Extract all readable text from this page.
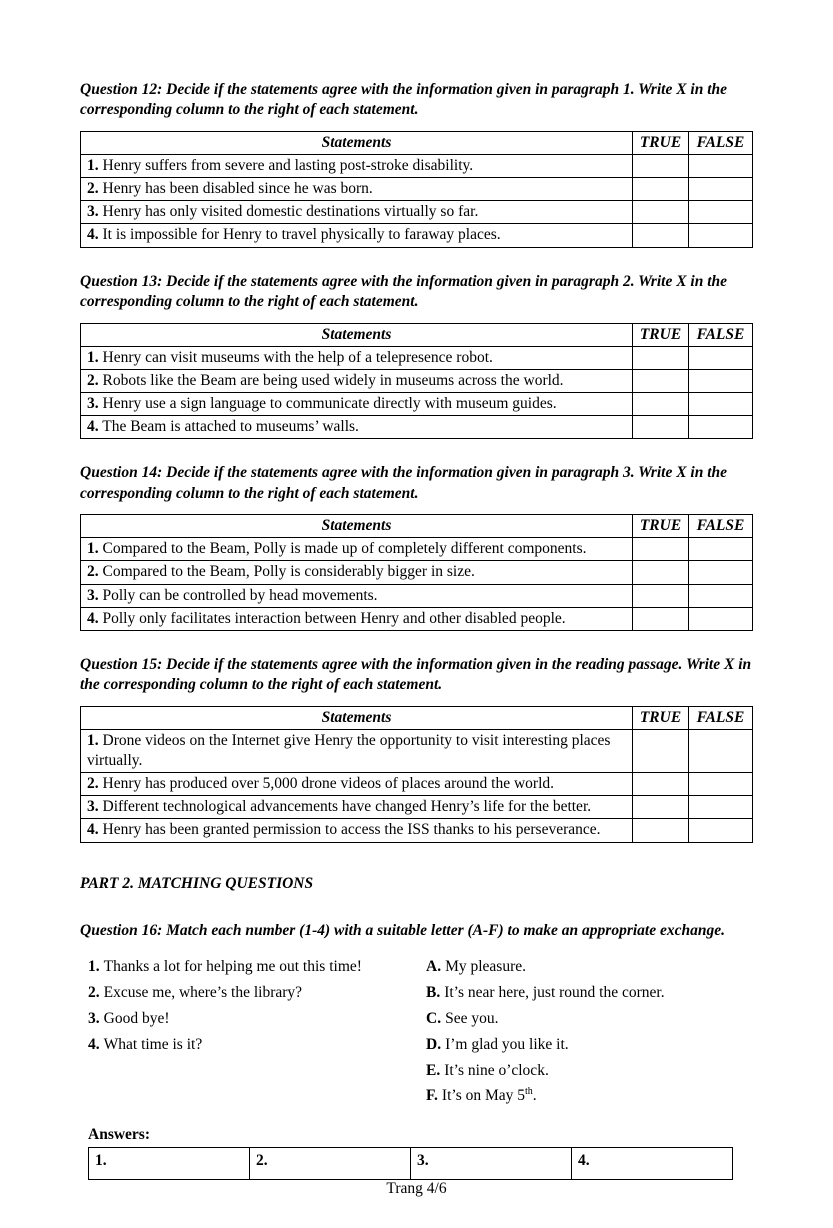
Question 12: Decide if the statements agree with the information given in paragraph 1. Write X in the corresponding column to the right of each statement.

Statements	TRUE	FALSE
1. Henry suffers from severe and lasting post-stroke disability.		
2. Henry has been disabled since he was born.		
3. Henry has only visited domestic destinations virtually so far.		
4. It is impossible for Henry to travel physically to faraway places.		

Question 13: Decide if the statements agree with the information given in paragraph 2. Write X in the corresponding column to the right of each statement.

Statements	TRUE	FALSE
1. Henry can visit museums with the help of a telepresence robot.		
2. Robots like the Beam are being used widely in museums across the world.		
3. Henry use a sign language to communicate directly with museum guides.		
4. The Beam is attached to museums’ walls.		

Question 14: Decide if the statements agree with the information given in paragraph 3. Write X in the corresponding column to the right of each statement.

Statements	TRUE	FALSE
1. Compared to the Beam, Polly is made up of completely different components.		
2. Compared to the Beam, Polly is considerably bigger in size.		
3. Polly can be controlled by head movements.		
4. Polly only facilitates interaction between Henry and other disabled people.		

Question 15: Decide if the statements agree with the information given in the reading passage. Write X in the corresponding column to the right of each statement.

Statements	TRUE	FALSE
1. Drone videos on the Internet give Henry the opportunity to visit interesting places virtually.		
2. Henry has produced over 5,000 drone videos of places around the world.		
3. Different technological advancements have changed Henry’s life for the better.		
4. Henry has been granted permission to access the ISS thanks to his perseverance.		

PART 2. MATCHING QUESTIONS

Question 16: Match each number (1-4) with a suitable letter (A-F) to make an appropriate exchange.

1. Thanks a lot for helping me out this time!
2. Excuse me, where’s the library?
3. Good bye!
4. What time is it?
A. My pleasure.
B. It’s near here, just round the corner.
C. See you.
D. I’m glad you like it.
E. It’s nine o’clock.
F. It’s on May 5th.

Answers:

1.	2.	3.	4.
Trang 4/6
